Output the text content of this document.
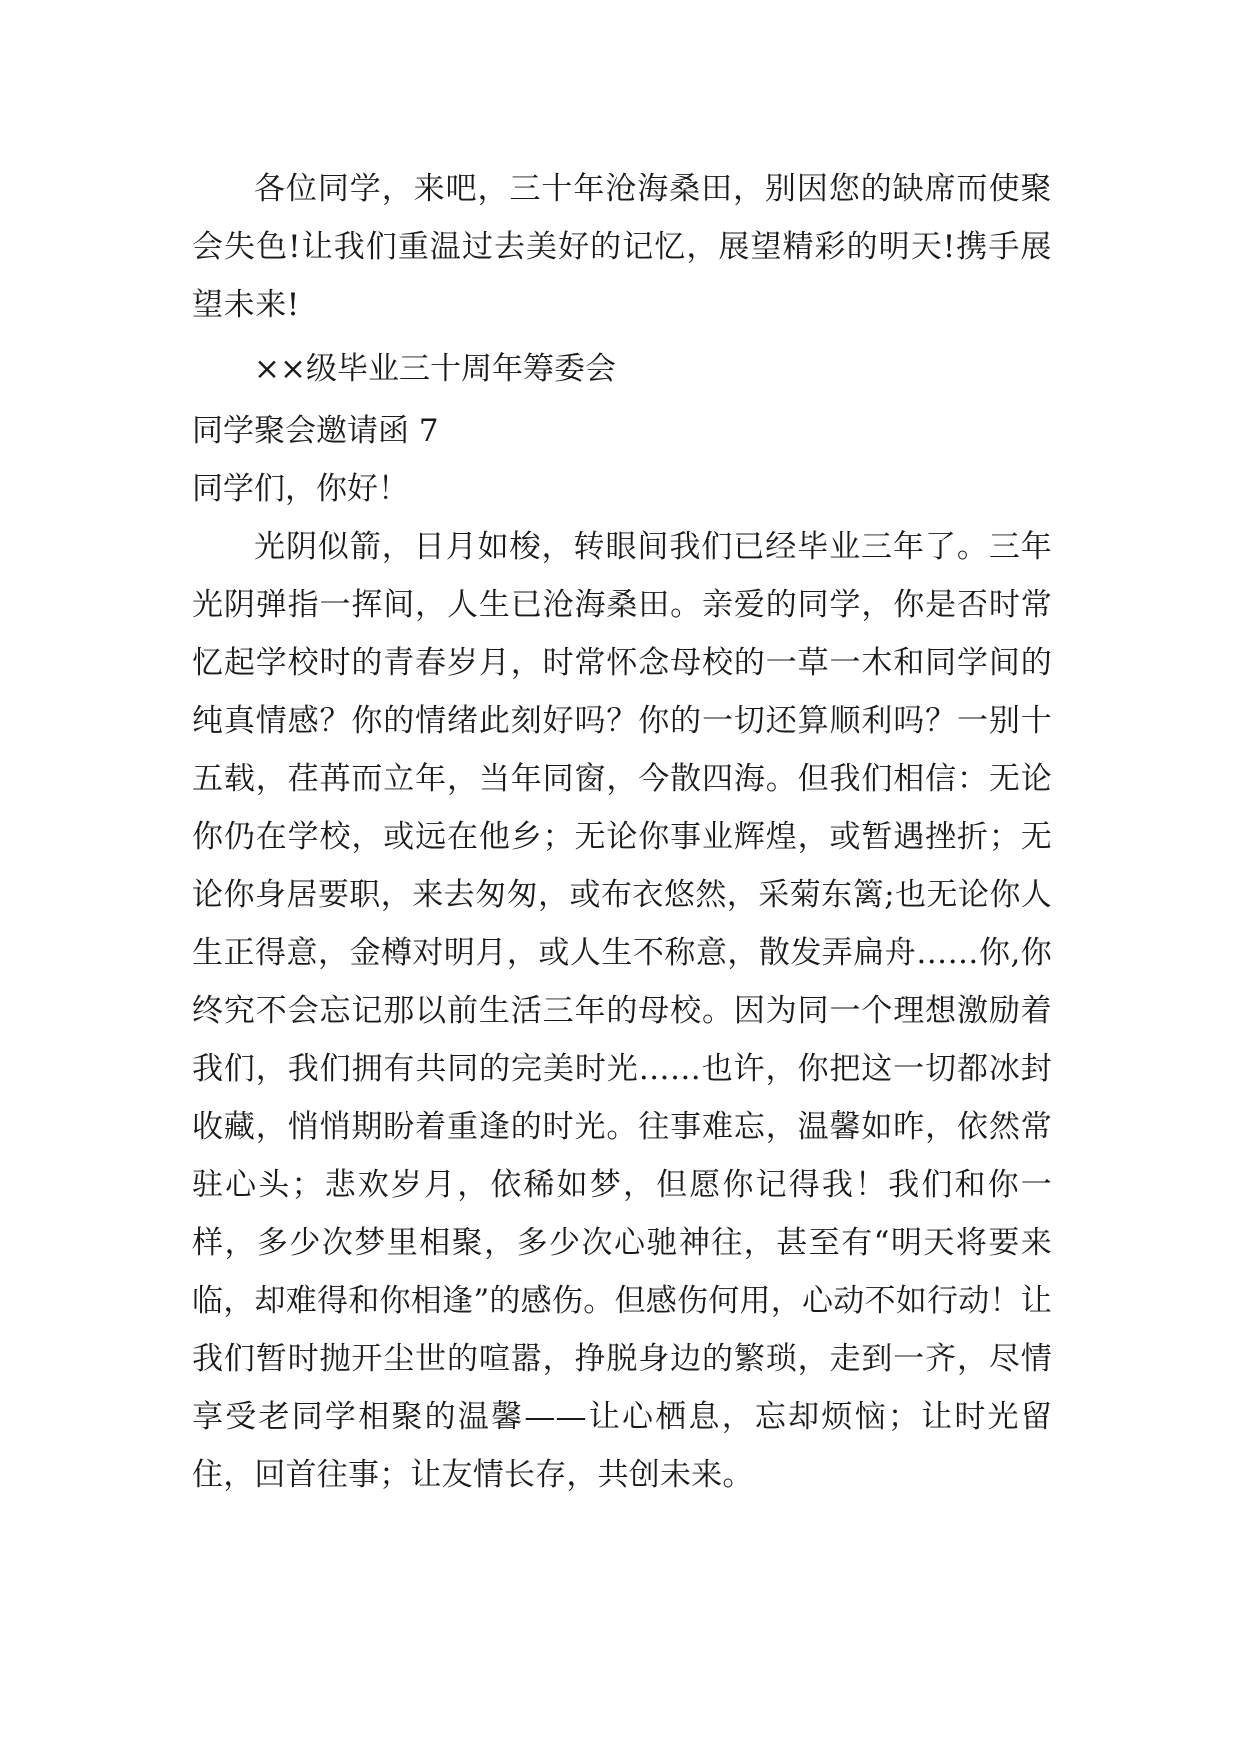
各位同学，来吧，三十年沧海桑田，别因您的缺席而使聚会失色!让我们重温过去美好的记忆，展望精彩的明天!携手展望未来!

××级毕业三十周年筹委会

同学聚会邀请函 7

同学们，你好！

光阴似箭，日月如梭，转眼间我们已经毕业三年了。三年光阴弹指一挥间，人生已沧海桑田。亲爱的同学，你是否时常忆起学校时的青春岁月，时常怀念母校的一草一木和同学间的纯真情感？你的情绪此刻好吗？你的一切还算顺利吗？一别十五载，荏苒而立年，当年同窗，今散四海。但我们相信：无论你仍在学校，或远在他乡；无论你事业辉煌，或暂遇挫折；无论你身居要职，来去匆匆，或布衣悠然，采菊东篱;也无论你人生正得意，金樽对明月，或人生不称意，散发弄扁舟……你,你终究不会忘记那以前生活三年的母校。因为同一个理想激励着我们，我们拥有共同的完美时光……也许，你把这一切都冰封收藏，悄悄期盼着重逢的时光。往事难忘，温馨如昨，依然常驻心头；悲欢岁月，依稀如梦，但愿你记得我！我们和你一样，多少次梦里相聚，多少次心驰神往，甚至有“明天将要来临，却难得和你相逢”的感伤。但感伤何用，心动不如行动！让我们暂时抛开尘世的喧嚣，挣脱身边的繁琐，走到一齐，尽情享受老同学相聚的温馨——让心栖息，忘却烦恼；让时光留住，回首往事；让友情长存，共创未来。
